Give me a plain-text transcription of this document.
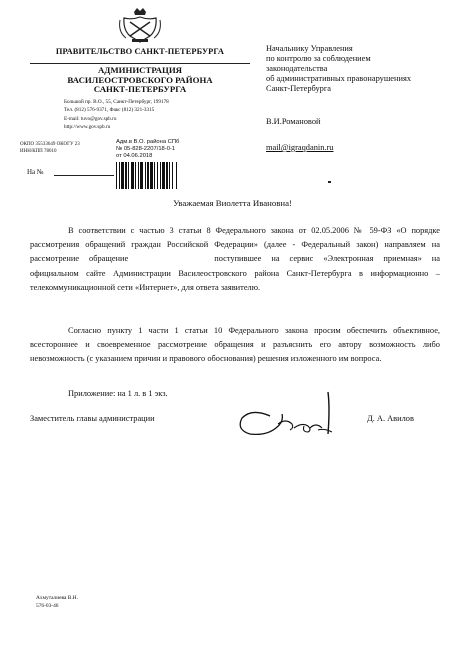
ПРАВИТЕЛЬСТВО САНКТ-ПЕТЕРБУРГА
АДМИНИСТРАЦИЯ
ВАСИЛЕОСТРОВСКОГО РАЙОНА
САНКТ-ПЕТЕРБУРГА
Большой пр. В.О., 55, Санкт-Петербург, 199178
Тел. (812) 576-9371, Факс (812) 321-3315
E-mail: tuvo@gov.spb.ru
http://www.gov.spb.ru
ОКПО 35533649 ОКОГУ 23
ИНН/КПП 78010
Адм.в В.О. района СПб
№ 05-828-2207/18-0-1
от 04.06.2018
На №
Начальнику Управления
по контролю за соблюдением
законодательства
об административных правонарушениях
Санкт-Петербурга
В.И.Романовой
mail@igraqdanin.ru
Уважаемая Виолетта Ивановна!
В соответствии с частью 3 статьи 8 Федерального закона от 02.05.2006 № 59-ФЗ «О порядке рассмотрения обращений граждан Российской Федерации» (далее - Федеральный закон) направляем на рассмотрение обращение	поступившее на сервис «Электронная приемная» на официальном сайте Администрации Василеостровского района Санкт-Петербурга в информационно – телекоммуникационной сети «Интернет», для ответа заявителю.
Согласно пункту 1 части 1 статьи 10 Федерального закона просим обеспечить объективное, всестороннее и своевременное рассмотрение обращения и разъяснить его автору возможность либо невозможность (с указанием причин и правового обоснования) решения изложенного им вопроса.
Приложение: на 1 л. в 1 экз.
Заместитель главы администрации	Д. А. Авилов
Ахмуталиева В.Н.
576-03-46
